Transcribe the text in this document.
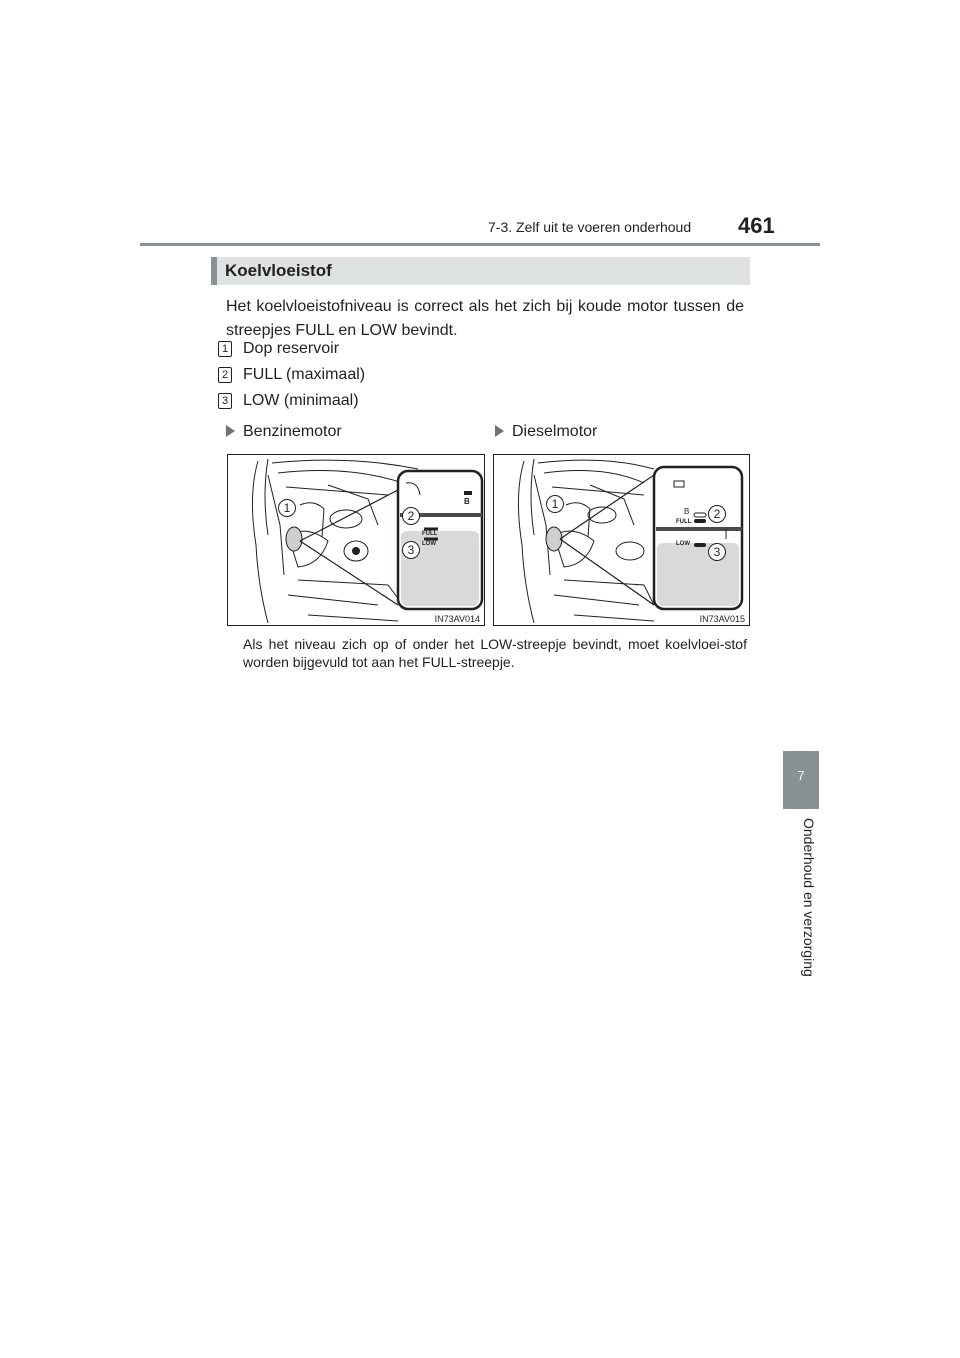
7-3. Zelf uit te voeren onderhoud 461
7
Onderhoud en verzorging
Koelvloeistof
Het koelvloeistofniveau is correct als het zich bij koude motor tussen de streepjes FULL en LOW bevindt.
1 Dop reservoir
2 FULL (maximaal)
3 LOW (minimaal)
Benzinemotor	Dieselmotor
B
FULL
LOW
1
2
3
IN73AV014
B
FULL
LOW
1
2
3
IN73AV015
Als het niveau zich op of onder het LOW-streepje bevindt, moet koelvloei-stof worden bijgevuld tot aan het FULL-streepje.
